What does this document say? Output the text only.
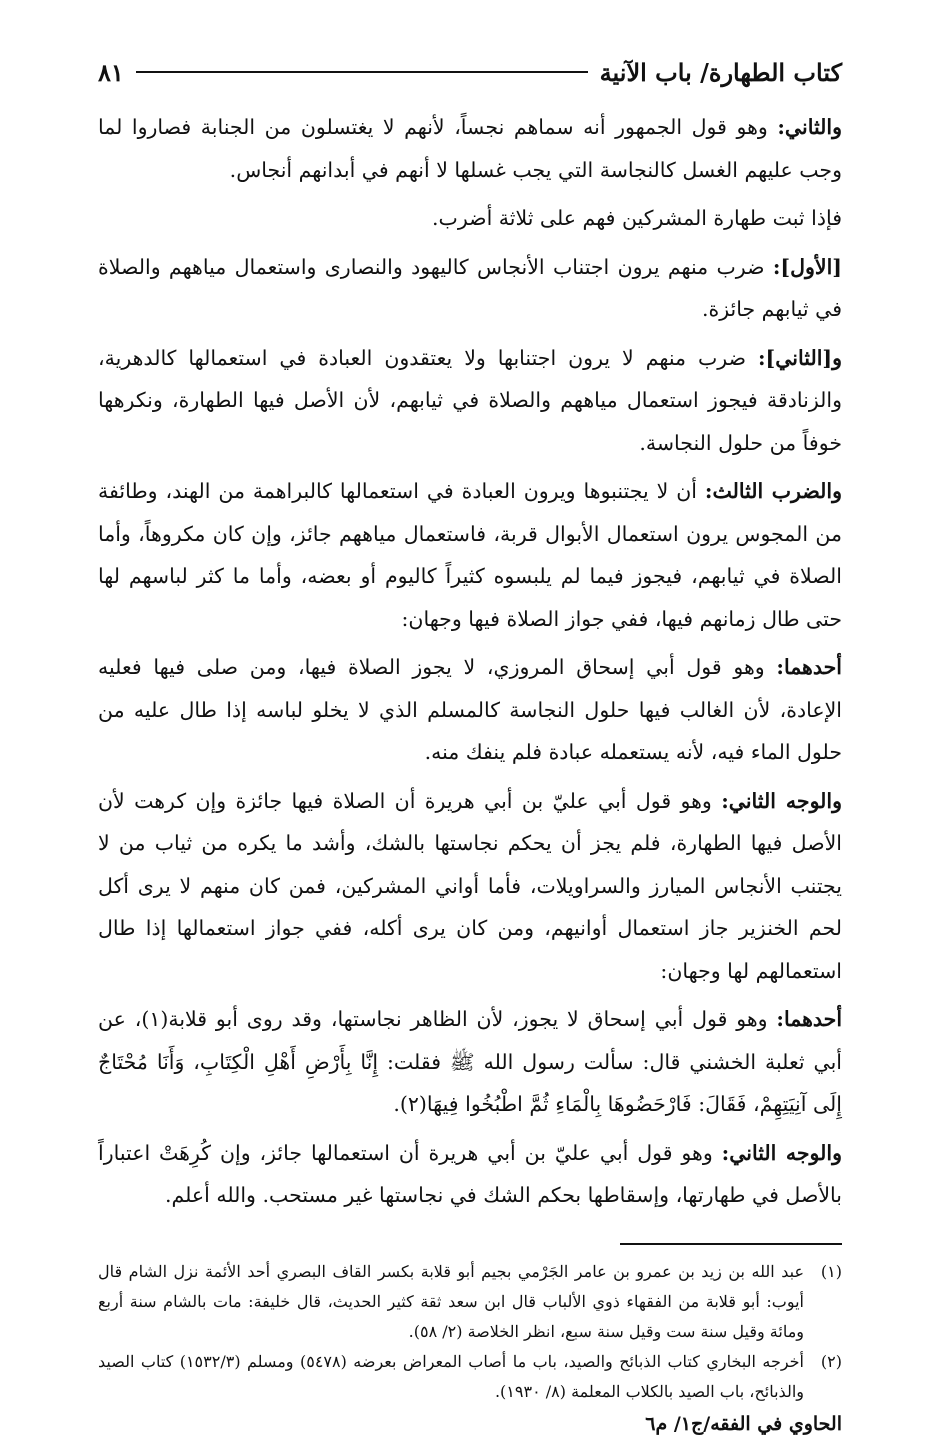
كتاب الطهارة/ باب الآنية
٨١

والثاني: وهو قول الجمهور أنه سماهم نجساً، لأنهم لا يغتسلون من الجنابة فصاروا لما وجب عليهم الغسل كالنجاسة التي يجب غسلها لا أنهم في أبدانهم أنجاس.

فإذا ثبت طهارة المشركين فهم على ثلاثة أضرب.

[الأول]: ضرب منهم يرون اجتناب الأنجاس كاليهود والنصارى واستعمال مياههم والصلاة في ثيابهم جائزة.

و[الثاني]: ضرب منهم لا يرون اجتنابها ولا يعتقدون العبادة في استعمالها كالدهرية، والزنادقة فيجوز استعمال مياههم والصلاة في ثيابهم، لأن الأصل فيها الطهارة، ونكرهها خوفاً من حلول النجاسة.

والضرب الثالث: أن لا يجتنبوها ويرون العبادة في استعمالها كالبراهمة من الهند، وطائفة من المجوس يرون استعمال الأبوال قربة، فاستعمال مياههم جائز، وإن كان مكروهاً، وأما الصلاة في ثيابهم، فيجوز فيما لم يلبسوه كثيراً كاليوم أو بعضه، وأما ما كثر لباسهم لها حتى طال زمانهم فيها، ففي جواز الصلاة فيها وجهان:

أحدهما: وهو قول أبي إسحاق المروزي، لا يجوز الصلاة فيها، ومن صلى فيها فعليه الإعادة، لأن الغالب فيها حلول النجاسة كالمسلم الذي لا يخلو لباسه إذا طال عليه من حلول الماء فيه، لأنه يستعمله عبادة فلم ينفك منه.

والوجه الثاني: وهو قول أبي عليّ بن أبي هريرة أن الصلاة فيها جائزة وإن كرهت لأن الأصل فيها الطهارة، فلم يجز أن يحكم نجاستها بالشك، وأشد ما يكره من ثياب من لا يجتنب الأنجاس الميارز والسراويلات، فأما أواني المشركين، فمن كان منهم لا يرى أكل لحم الخنزير جاز استعمال أوانيهم، ومن كان يرى أكله، ففي جواز استعمالها إذا طال استعمالهم لها وجهان:

أحدهما: وهو قول أبي إسحاق لا يجوز، لأن الظاهر نجاستها، وقد روى أبو قلابة(١)، عن أبي ثعلبة الخشني قال: سألت رسول الله ﷺ فقلت: إِنَّا بِأَرْضِ أَهْلِ الْكِتَابِ، وَأَنَا مُحْتَاجٌ إِلَى آنِيَتِهِمْ، فَقَالَ: فَارْحَضُوهَا بِالْمَاءِ ثُمَّ اطْبُخُوا فِيهَا(٢).

والوجه الثاني: وهو قول أبي عليّ بن أبي هريرة أن استعمالها جائز، وإن كُرِهَتْ اعتباراً بالأصل في طهارتها، وإسقاطها بحكم الشك في نجاستها غير مستحب. والله أعلم.

(١)
عبد الله بن زيد بن عمرو بن عامر الجَرْمي بجيم أبو قلابة بكسر القاف البصري أحد الأئمة نزل الشام قال أيوب: أبو قلابة من الفقهاء ذوي الألباب قال ابن سعد ثقة كثير الحديث، قال خليفة: مات بالشام سنة أربع ومائة وقيل سنة ست وقيل سنة سبع، انظر الخلاصة (٢/ ٥٨).
(٢)
أخرجه البخاري كتاب الذبائح والصيد، باب ما أصاب المعراض بعرضه (٥٤٧٨) ومسلم (١٥٣٢/٣) كتاب الصيد والذبائح، باب الصيد بالكلاب المعلمة (٨/ ١٩٣٠).
الحاوي في الفقه/ج١/ م٦
